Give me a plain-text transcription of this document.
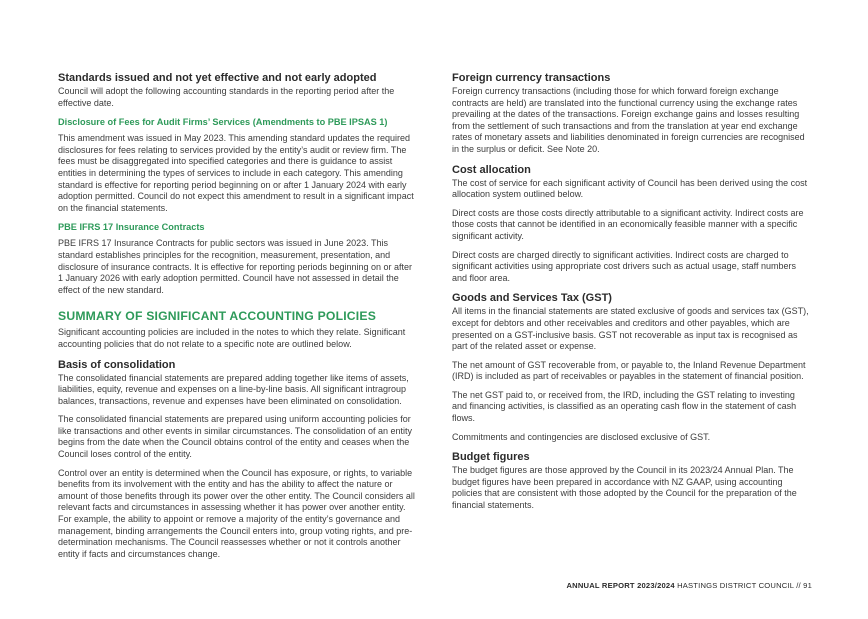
Standards issued and not yet effective and not early adopted

Council will adopt the following accounting standards in the reporting period after the effective date.

Disclosure of Fees for Audit Firms’ Services (Amendments to PBE IPSAS 1)

This amendment was issued in May 2023. This amending standard updates the required disclosures for fees relating to services provided by the entity’s audit or review firm. The fees must be disaggregated into specified categories and there is guidance to assist entities in determining the types of services to include in each category. This amending standard is effective for reporting period beginning on or after 1 January 2024 with early adoption permitted. Council do not expect this amendment to result in a significant impact on the financial statements.

PBE IFRS 17 Insurance Contracts

PBE IFRS 17 Insurance Contracts for public sectors was issued in June 2023. This standard establishes principles for the recognition, measurement, presentation, and disclosure of insurance contracts. It is effective for reporting periods beginning on or after 1 January 2026 with early adoption permitted. Council have not assessed in detail the effect of the new standard.

SUMMARY OF SIGNIFICANT ACCOUNTING POLICIES

Significant accounting policies are included in the notes to which they relate. Significant accounting policies that do not relate to a specific note are outlined below.

Basis of consolidation

The consolidated financial statements are prepared adding together like items of assets, liabilities, equity, revenue and expenses on a line-by-line basis. All significant intragroup balances, transactions, revenue and expenses have been eliminated on consolidation.

The consolidated financial statements are prepared using uniform accounting policies for like transactions and other events in similar circumstances. The consolidation of an entity begins from the date when the Council obtains control of the entity and ceases when the Council loses control of the entity.

Control over an entity is determined when the Council has exposure, or rights, to variable benefits from its involvement with the entity and has the ability to affect the nature or amount of those benefits through its power over the other entity. The Council considers all relevant facts and circumstances in assessing whether it has power over another entity. For example, the ability to appoint or remove a majority of the entity’s governance and management, binding arrangements the Council enters into, group voting rights, and pre-determination mechanisms. The Council reassesses whether or not it controls another entity if facts and circumstances change.

Foreign currency transactions

Foreign currency transactions (including those for which forward foreign exchange contracts are held) are translated into the functional currency using the exchange rates prevailing at the dates of the transactions. Foreign exchange gains and losses resulting from the settlement of such transactions and from the translation at year end exchange rates of monetary assets and liabilities denominated in foreign currencies are recognised in the surplus or deficit. See Note 20.

Cost allocation

The cost of service for each significant activity of Council has been derived using the cost allocation system outlined below.

Direct costs are those costs directly attributable to a significant activity. Indirect costs are those costs that cannot be identified in an economically feasible manner with a specific significant activity.

Direct costs are charged directly to significant activities. Indirect costs are charged to significant activities using appropriate cost drivers such as actual usage, staff numbers and floor area.

Goods and Services Tax (GST)

All items in the financial statements are stated exclusive of goods and services tax (GST), except for debtors and other receivables and creditors and other payables, which are presented on a GST-inclusive basis. GST not recoverable as input tax is recognised as part of the related asset or expense.

The net amount of GST recoverable from, or payable to, the Inland Revenue Department (IRD) is included as part of receivables or payables in the statement of financial position.

The net GST paid to, or received from, the IRD, including the GST relating to investing and financing activities, is classified as an operating cash flow in the statement of cash flows.

Commitments and contingencies are disclosed exclusive of GST.

Budget figures

The budget figures are those approved by the Council in its 2023/24 Annual Plan. The budget figures have been prepared in accordance with NZ GAAP, using accounting policies that are consistent with those adopted by the Council for the preparation of the financial statements.

ANNUAL REPORT 2023/2024 HASTINGS DISTRICT COUNCIL // 91
